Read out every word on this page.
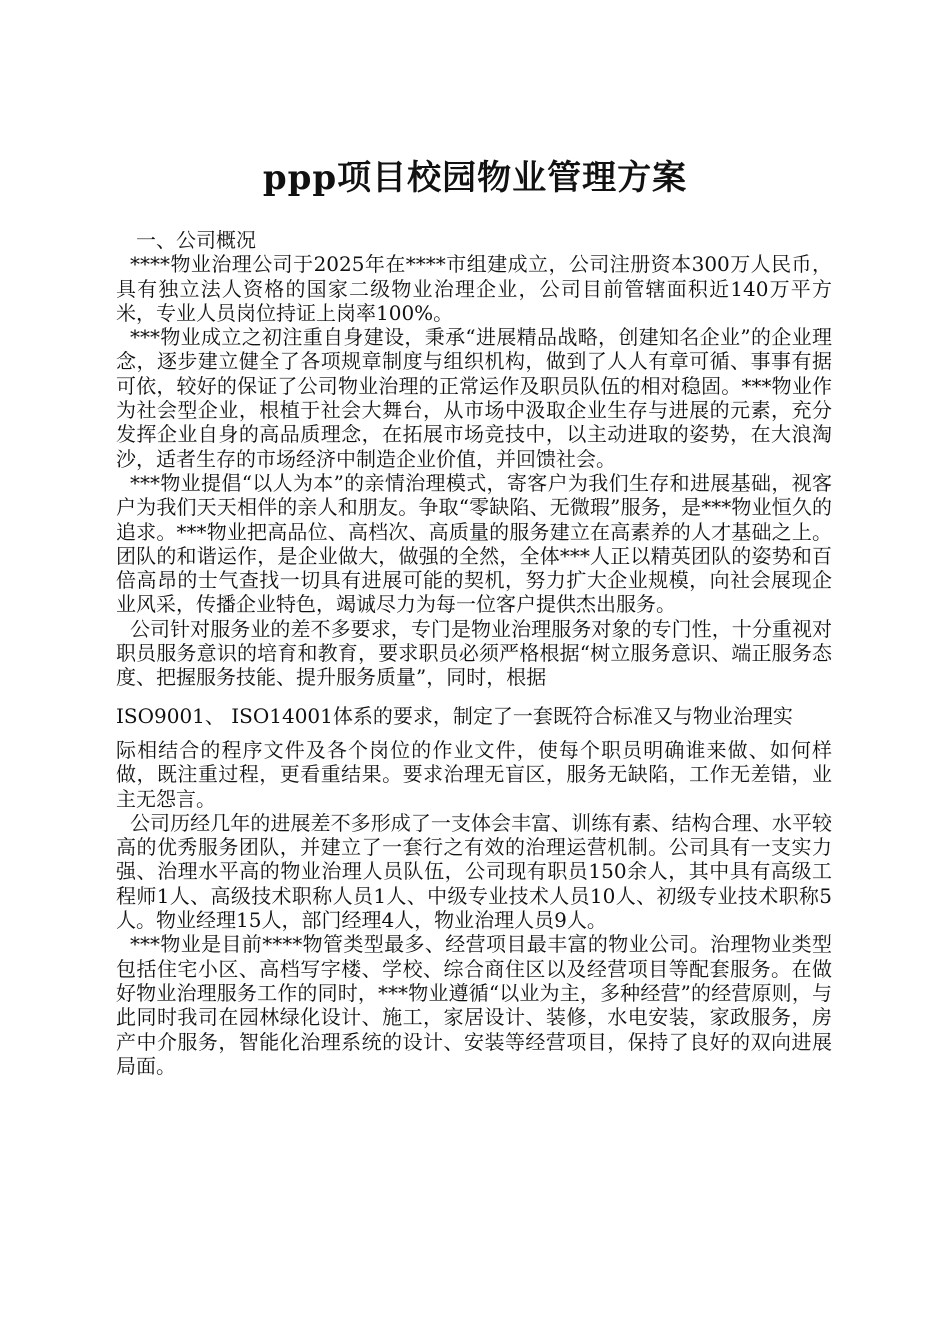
ppp项目校园物业管理方案

一、公司概况

****物业治理公司于2025年在****市组建成立，公司注册资本300万人民币，具有独立法人资格的国家二级物业治理企业，公司目前管辖面积近140万平方米，专业人员岗位持证上岗率100%。

***物业成立之初注重自身建设，秉承“进展精品战略，创建知名企业”的企业理念，逐步建立健全了各项规章制度与组织机构，做到了人人有章可循、事事有据可依，较好的保证了公司物业治理的正常运作及职员队伍的相对稳固。***物业作为社会型企业，根植于社会大舞台，从市场中汲取企业生存与进展的元素，充分发挥企业自身的高品质理念，在拓展市场竞技中，以主动进取的姿势，在大浪淘沙，适者生存的市场经济中制造企业价值，并回馈社会。

***物业提倡“以人为本”的亲情治理模式，寄客户为我们生存和进展基础，视客户为我们天天相伴的亲人和朋友。争取“零缺陷、无微瑕”服务，是***物业恒久的追求。***物业把高品位、高档次、高质量的服务建立在高素养的人才基础之上。团队的和谐运作，是企业做大，做强的全然，全体***人正以精英团队的姿势和百倍高昂的士气查找一切具有进展可能的契机，努力扩大企业规模，向社会展现企业风采，传播企业特色，竭诚尽力为每一位客户提供杰出服务。

公司针对服务业的差不多要求，专门是物业治理服务对象的专门性，十分重视对职员服务意识的培育和教育，要求职员必须严格根据“树立服务意识、端正服务态度、把握服务技能、提升服务质量”，同时，根据

ISO9001、 ISO14001体系的要求，制定了一套既符合标准又与物业治理实

际相结合的程序文件及各个岗位的作业文件，使每个职员明确谁来做、如何样做，既注重过程，更看重结果。要求治理无盲区，服务无缺陷，工作无差错，业主无怨言。

公司历经几年的进展差不多形成了一支体会丰富、训练有素、结构合理、水平较高的优秀服务团队，并建立了一套行之有效的治理运营机制。公司具有一支实力强、治理水平高的物业治理人员队伍，公司现有职员150余人，其中具有高级工程师1人、高级技术职称人员1人、中级专业技术人员10人、初级专业技术职称5人。物业经理15人，部门经理4人，物业治理人员9人。

***物业是目前****物管类型最多、经营项目最丰富的物业公司。治理物业类型包括住宅小区、高档写字楼、学校、综合商住区以及经营项目等配套服务。在做好物业治理服务工作的同时，***物业遵循“以业为主，多种经营”的经营原则，与此同时我司在园林绿化设计、施工，家居设计、装修，水电安装，家政服务，房产中介服务，智能化治理系统的设计、安装等经营项目，保持了良好的双向进展局面。
